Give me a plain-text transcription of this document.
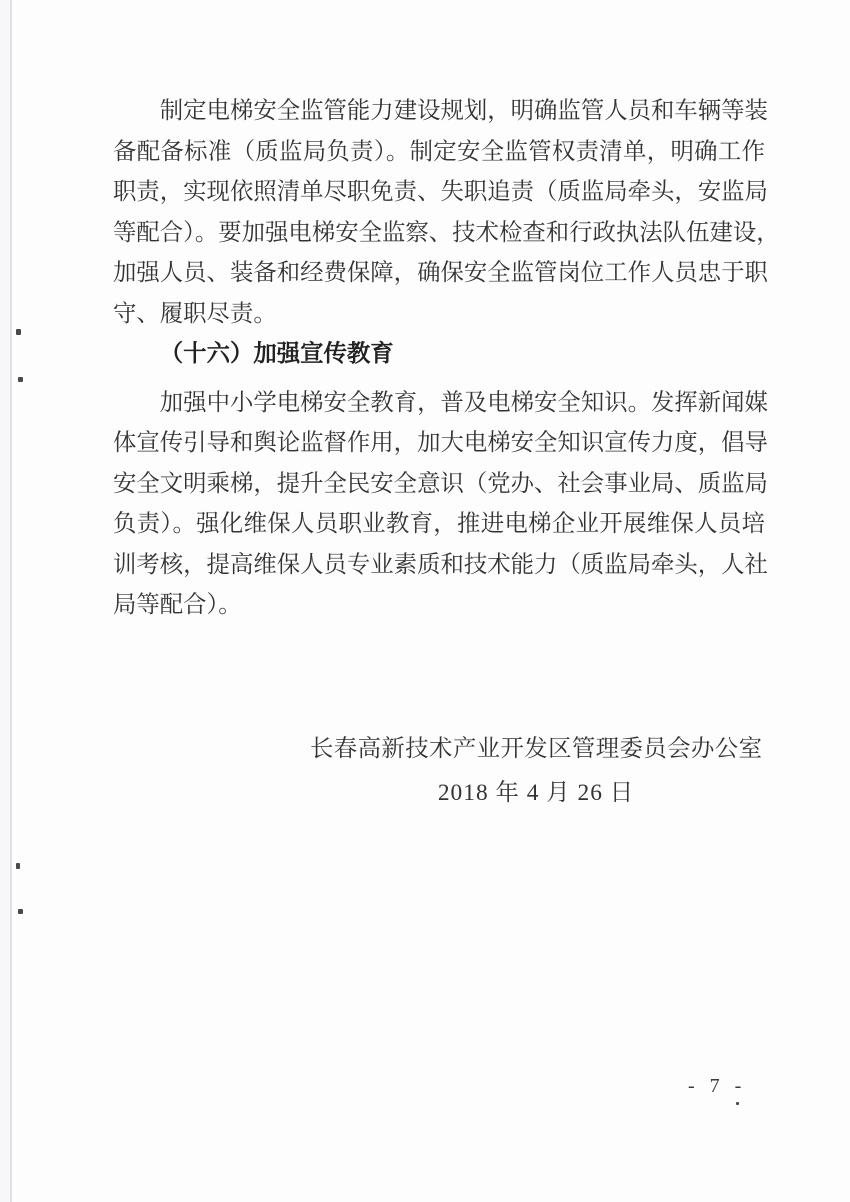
制定电梯安全监管能力建设规划，明确监管人员和车辆等装
备配备标准（质监局负责）。制定安全监管权责清单，明确工作
职责，实现依照清单尽职免责、失职追责（质监局牵头，安监局
等配合）。要加强电梯安全监察、技术检查和行政执法队伍建设，
加强人员、装备和经费保障，确保安全监管岗位工作人员忠于职
守、履职尽责。
（十六）加强宣传教育
加强中小学电梯安全教育，普及电梯安全知识。发挥新闻媒
体宣传引导和舆论监督作用，加大电梯安全知识宣传力度，倡导
安全文明乘梯，提升全民安全意识（党办、社会事业局、质监局
负责）。强化维保人员职业教育，推进电梯企业开展维保人员培
训考核，提高维保人员专业素质和技术能力（质监局牵头，人社
局等配合）。
长春高新技术产业开发区管理委员会办公室
2018 年 4 月 26 日
- 7 -
